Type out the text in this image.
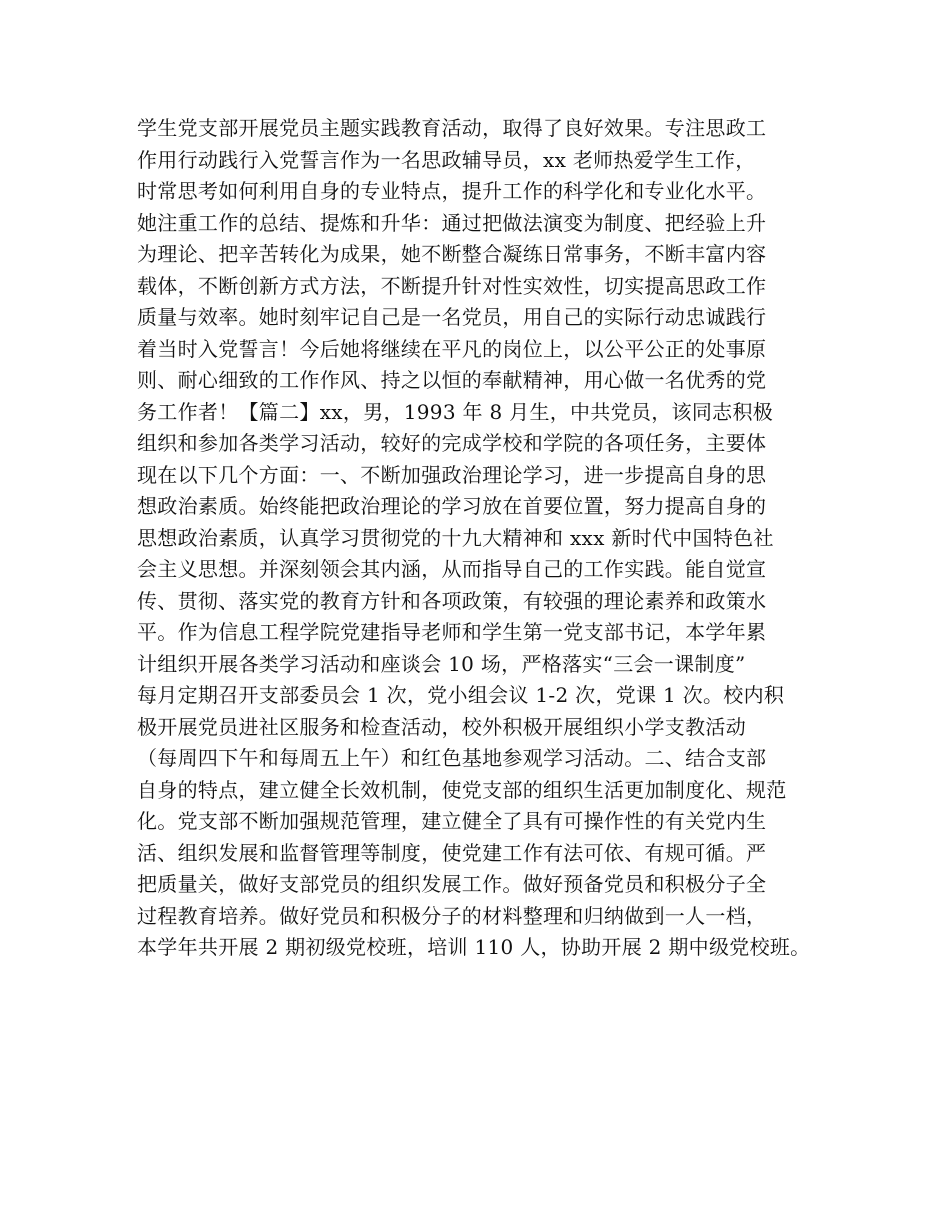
学生党支部开展党员主题实践教育活动，取得了良好效果。专注思政工
作用行动践行入党誓言作为一名思政辅导员，xx 老师热爱学生工作，
时常思考如何利用自身的专业特点，提升工作的科学化和专业化水平。
她注重工作的总结、提炼和升华：通过把做法演变为制度、把经验上升
为理论、把辛苦转化为成果，她不断整合凝练日常事务，不断丰富内容
载体，不断创新方式方法，不断提升针对性实效性，切实提高思政工作
质量与效率。她时刻牢记自己是一名党员，用自己的实际行动忠诚践行
着当时入党誓言！今后她将继续在平凡的岗位上，以公平公正的处事原
则、耐心细致的工作作风、持之以恒的奉献精神，用心做一名优秀的党
务工作者！【篇二】xx，男，1993 年 8 月生，中共党员，该同志积极
组织和参加各类学习活动，较好的完成学校和学院的各项任务，主要体
现在以下几个方面：一、不断加强政治理论学习，进一步提高自身的思
想政治素质。始终能把政治理论的学习放在首要位置，努力提高自身的
思想政治素质，认真学习贯彻党的十九大精神和 xxx 新时代中国特色社
会主义思想。并深刻领会其内涵，从而指导自己的工作实践。能自觉宣
传、贯彻、落实党的教育方针和各项政策，有较强的理论素养和政策水
平。作为信息工程学院党建指导老师和学生第一党支部书记，本学年累
计组织开展各类学习活动和座谈会 10 场，严格落实“三会一课制度”
每月定期召开支部委员会 1 次，党小组会议 1-2 次，党课 1 次。校内积
极开展党员进社区服务和检查活动，校外积极开展组织小学支教活动
（每周四下午和每周五上午）和红色基地参观学习活动。二、结合支部
自身的特点，建立健全长效机制，使党支部的组织生活更加制度化、规范
化。党支部不断加强规范管理，建立健全了具有可操作性的有关党内生
活、组织发展和监督管理等制度，使党建工作有法可依、有规可循。严
把质量关，做好支部党员的组织发展工作。做好预备党员和积极分子全
过程教育培养。做好党员和积极分子的材料整理和归纳做到一人一档，
本学年共开展 2 期初级党校班，培训 110 人，协助开展 2 期中级党校班。
